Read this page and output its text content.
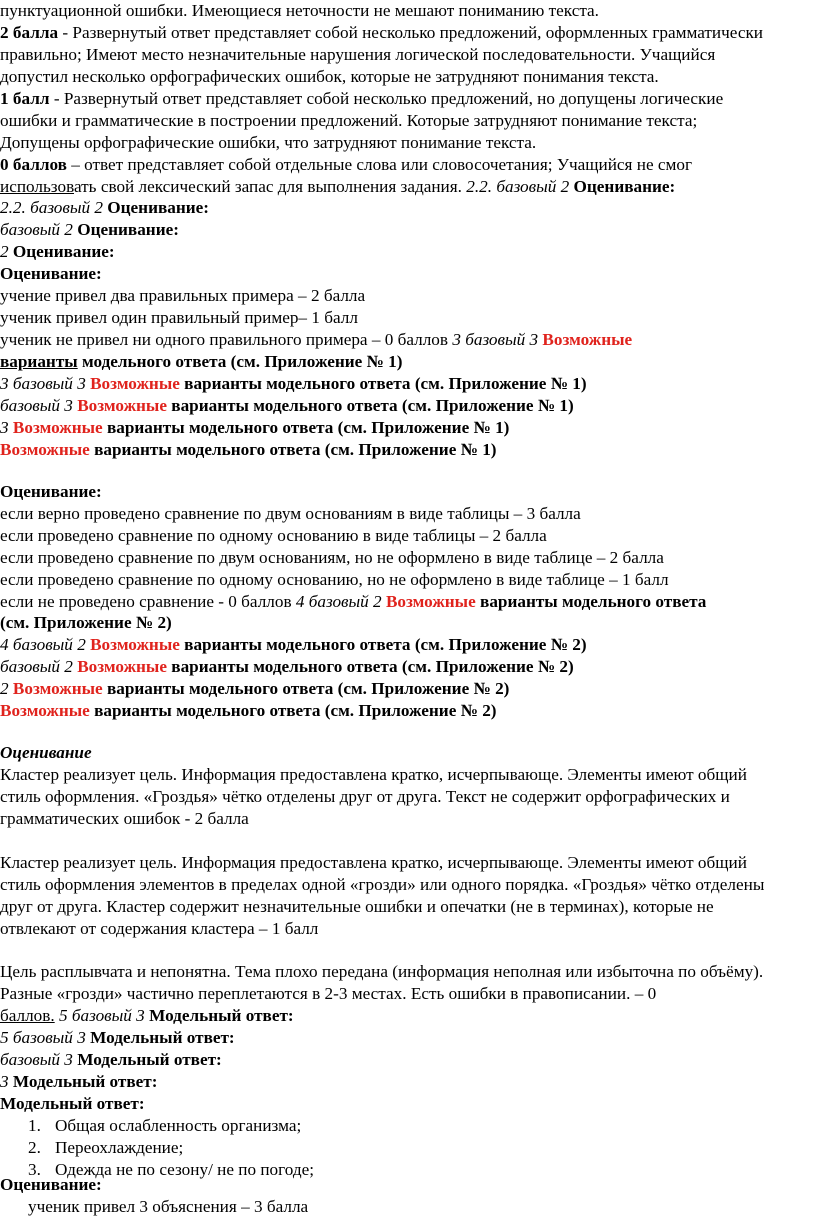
пунктуационной ошибки. Имеющиеся неточности не мешают пониманию текста.
2 балла - Развернутый ответ представляет собой несколько предложений, оформленных грамматически
правильно; Имеют место незначительные нарушения логической последовательности. Учащийся
допустил несколько орфографических ошибок, которые не затрудняют понимания текста.
1 балл - Развернутый ответ представляет собой несколько предложений, но допущены логические
ошибки и грамматические в построении предложений. Которые затрудняют понимание текста;
Допущены орфографические ошибки, что затрудняют понимание текста.
0 баллов – ответ представляет собой отдельные слова или словосочетания; Учащийся не смог
использовать свой лексический запас для выполнения задания. 2.2. базовый 2 Оценивание:
2.2. базовый 2 Оценивание:
базовый 2 Оценивание:
2 Оценивание:
Оценивание:
учение привел два правильных примера – 2 балла
ученик привел один правильный пример– 1 балл
ученик не привел ни одного правильного примера – 0 баллов 3 базовый 3 Возможные
варианты модельного ответа (см. Приложение № 1)
3 базовый 3 Возможные варианты модельного ответа (см. Приложение № 1)
базовый 3 Возможные варианты модельного ответа (см. Приложение № 1)
3 Возможные варианты модельного ответа (см. Приложение № 1)
Возможные варианты модельного ответа (см. Приложение № 1)
Оценивание:
если верно проведено сравнение по двум основаниям в виде таблицы – 3 балла
если проведено сравнение по одному основанию в виде таблицы – 2 балла
если проведено сравнение по двум основаниям, но не оформлено в виде таблице – 2 балла
если проведено сравнение по одному основанию, но не оформлено в виде таблице – 1 балл
если не проведено сравнение - 0 баллов 4 базовый 2 Возможные варианты модельного ответа
(см. Приложение № 2)
4 базовый 2 Возможные варианты модельного ответа (см. Приложение № 2)
базовый 2 Возможные варианты модельного ответа (см. Приложение № 2)
2 Возможные варианты модельного ответа (см. Приложение № 2)
Возможные варианты модельного ответа (см. Приложение № 2)
Оценивание
Кластер реализует цель. Информация предоставлена кратко, исчерпывающе. Элементы имеют общий
стиль оформления. «Гроздья» чётко отделены друг от друга. Текст не содержит орфографических и
грамматических ошибок - 2 балла
Кластер реализует цель. Информация предоставлена кратко, исчерпывающе. Элементы имеют общий
стиль оформления элементов в пределах одной «грозди» или одного порядка. «Гроздья» чётко отделены
друг от друга. Кластер содержит незначительные ошибки и опечатки (не в терминах), которые не
отвлекают от содержания кластера – 1 балл
Цель расплывчата и непонятна. Тема плохо передана (информация неполная или избыточна по объёму).
Разные «грозди» частично переплетаются в 2-3 местах. Есть ошибки в правописании. – 0
баллов. 5 базовый 3 Модельный ответ:
5 базовый 3 Модельный ответ:
базовый 3 Модельный ответ:
3 Модельный ответ:
Модельный ответ:
1. Общая ослабленность организма;
2. Переохлаждение;
3. Одежда не по сезону/ не по погоде;
Оценивание:
ученик привел 3 объяснения – 3 балла
